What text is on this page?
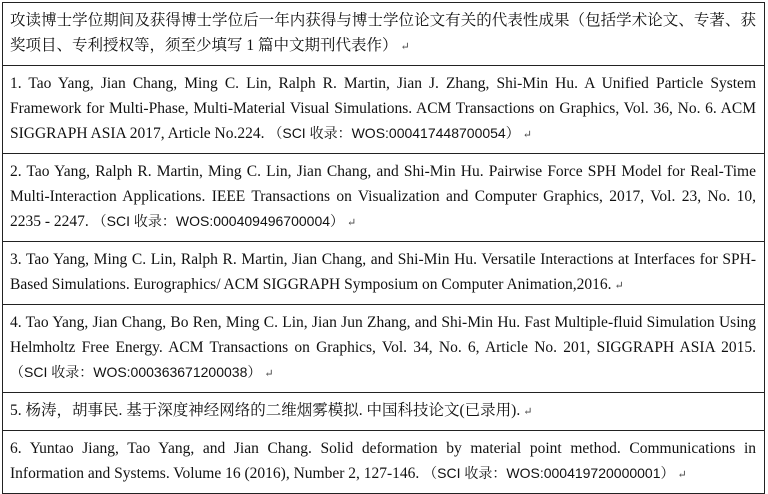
攻读博士学位期间及获得博士学位后一年内获得与博士学位论文有关的代表性成果（包括学术论文、专著、获奖项目、专利授权等，须至少填写 1 篇中文期刊代表作） ↵
1. Tao Yang, Jian Chang, Ming C. Lin, Ralph R. Martin, Jian J. Zhang, Shi-Min Hu. A Unified Particle System Framework for Multi-Phase, Multi-Material Visual Simulations. ACM Transactions on Graphics, Vol. 36, No. 6. ACM SIGGRAPH ASIA 2017, Article No.224. （SCI 收录：WOS:000417448700054） ↵
2. Tao Yang, Ralph R. Martin, Ming C. Lin, Jian Chang, and Shi-Min Hu. Pairwise Force SPH Model for Real-Time Multi-Interaction Applications. IEEE Transactions on Visualization and Computer Graphics, 2017, Vol. 23, No. 10, 2235 - 2247. （SCI 收录：WOS:000409496700004） ↵
3. Tao Yang, Ming C. Lin, Ralph R. Martin, Jian Chang, and Shi-Min Hu. Versatile Interactions at Interfaces for SPH-Based Simulations. Eurographics/ ACM SIGGRAPH Symposium on Computer Animation,2016. ↵
4. Tao Yang, Jian Chang, Bo Ren, Ming C. Lin, Jian Jun Zhang, and Shi-Min Hu. Fast Multiple-fluid Simulation Using Helmholtz Free Energy. ACM Transactions on Graphics, Vol. 34, No. 6, Article No. 201, SIGGRAPH ASIA 2015. （SCI 收录：WOS:000363671200038） ↵
5. 杨涛，胡事民. 基于深度神经网络的二维烟雾模拟. 中国科技论文(已录用). ↵
6. Yuntao Jiang, Tao Yang, and Jian Chang. Solid deformation by material point method. Communications in Information and Systems. Volume 16 (2016), Number 2, 127-146. （SCI 收录：WOS:000419720000001） ↵
